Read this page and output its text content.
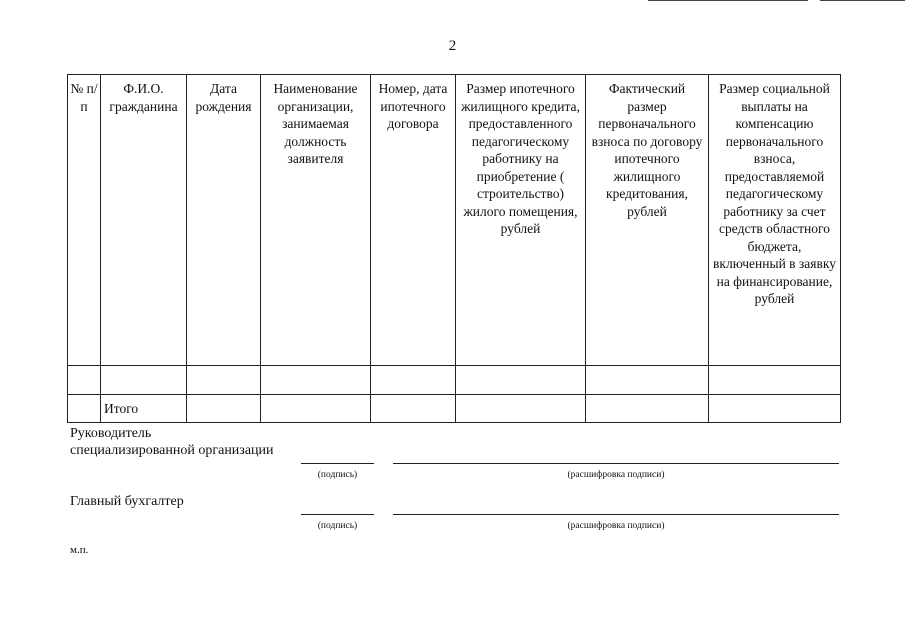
2
№ п/п	Ф.И.О. гражданина	Дата рождения	Наименование организации, занимаемая должность заявителя	Номер, дата ипотечного договора	Размер ипотечного жилищного кредита, предоставленного педагогическому работнику на приобретение ( строительство) жилого помещения, рублей	Фактический размер первоначального взноса по договору ипотечного жилищного кредитования, рублей	Размер социальной выплаты на компенсацию первоначального взноса, предоставляемой педагогическому работнику за счет средств областного бюджета, включенный в заявку на финансирование, рублей

	Итого						
Руководитель
специализированной организации
(подпись)	(расшифровка подписи)
Главный бухгалтер
(подпись)	(расшифровка подписи)
м.п.
